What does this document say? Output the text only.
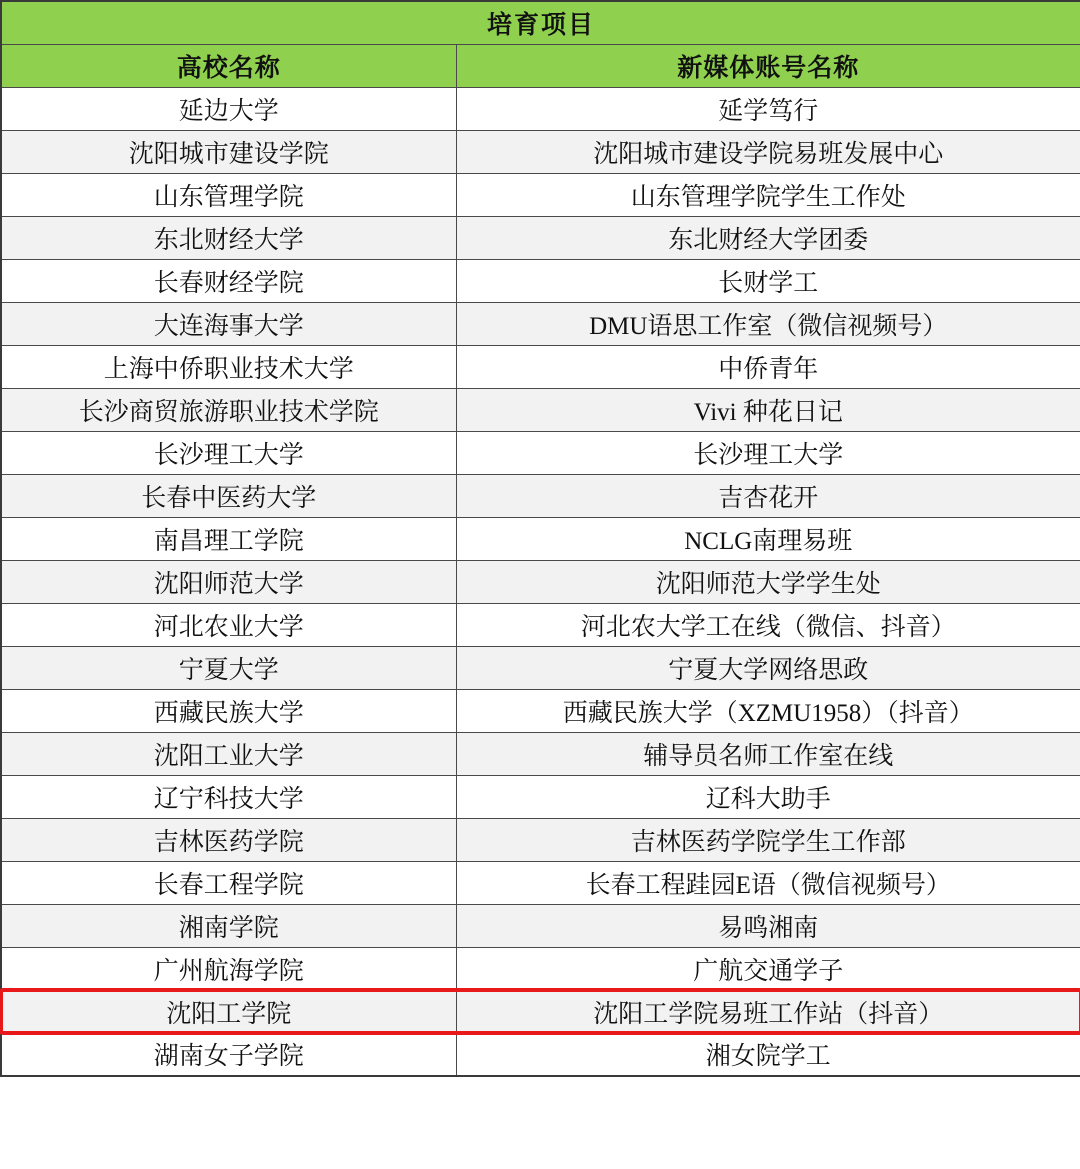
培育项目	
高校名称	新媒体账号名称
延边大学	延学笃行
沈阳城市建设学院	沈阳城市建设学院易班发展中心
山东管理学院	山东管理学院学生工作处
东北财经大学	东北财经大学团委
长春财经学院	长财学工
大连海事大学	DMU语思工作室（微信视频号）
上海中侨职业技术大学	中侨青年
长沙商贸旅游职业技术学院	Vivi 种花日记
长沙理工大学	长沙理工大学
长春中医药大学	吉杏花开
南昌理工学院	NCLG南理易班
沈阳师范大学	沈阳师范大学学生处
河北农业大学	河北农大学工在线（微信、抖音）
宁夏大学	宁夏大学网络思政
西藏民族大学	西藏民族大学（XZMU1958）（抖音）
沈阳工业大学	辅导员名师工作室在线
辽宁科技大学	辽科大助手
吉林医药学院	吉林医药学院学生工作部
长春工程学院	长春工程跬园E语（微信视频号）
湘南学院	易鸣湘南
广州航海学院	广航交通学子
沈阳工学院	沈阳工学院易班工作站（抖音）
湖南女子学院	湘女院学工
